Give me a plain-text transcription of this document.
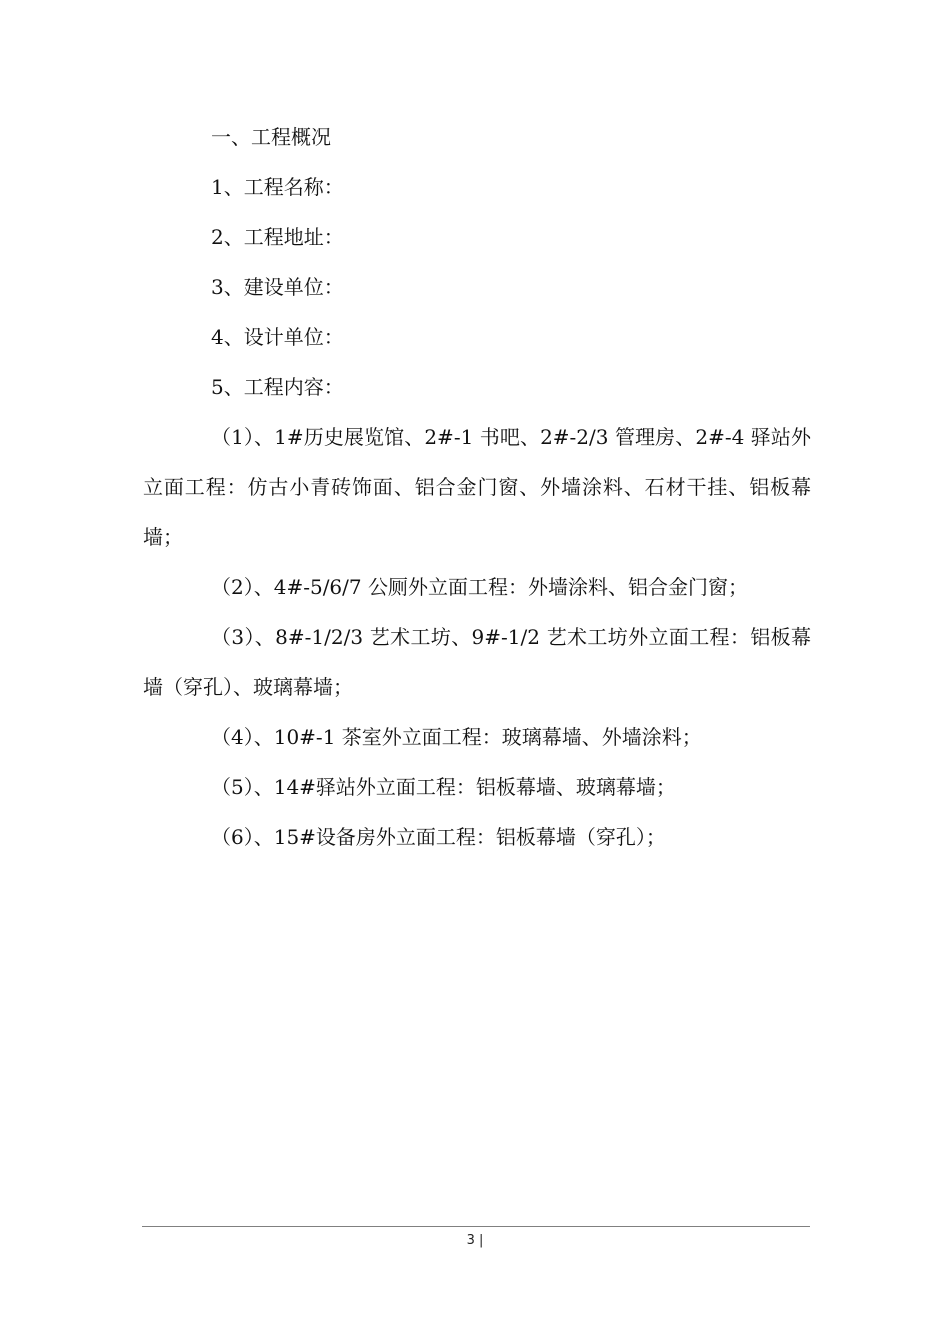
一、工程概况

1、工程名称：

2、工程地址：

3、建设单位：

4、设计单位：

5、工程内容：

（1）、1#历史展览馆、2#-1 书吧、2#-2/3 管理房、2#-4 驿站外立面工程：仿古小青砖饰面、铝合金门窗、外墙涂料、石材干挂、铝板幕墙；

（2）、4#-5/6/7 公厕外立面工程：外墙涂料、铝合金门窗；

（3）、8#-1/2/3 艺术工坊、9#-1/2 艺术工坊外立面工程：铝板幕墙（穿孔）、玻璃幕墙；

（4）、10#-1 茶室外立面工程：玻璃幕墙、外墙涂料；

（5）、14#驿站外立面工程：铝板幕墙、玻璃幕墙；

（6）、15#设备房外立面工程：铝板幕墙（穿孔）；

3 |
